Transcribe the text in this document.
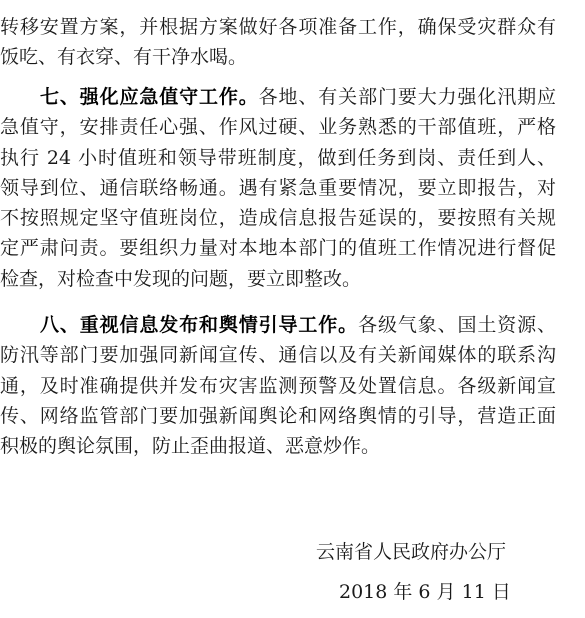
转移安置方案，并根据方案做好各项准备工作，确保受灾群众有
饭吃、有衣穿、有干净水喝。
七、强化应急值守工作。各地、有关部门要大力强化汛期应
急值守，安排责任心强、作风过硬、业务熟悉的干部值班，严格
执行 24 小时值班和领导带班制度，做到任务到岗、责任到人、
领导到位、通信联络畅通。遇有紧急重要情况，要立即报告，对
不按照规定坚守值班岗位，造成信息报告延误的，要按照有关规
定严肃问责。要组织力量对本地本部门的值班工作情况进行督促
检查，对检查中发现的问题，要立即整改。
八、重视信息发布和舆情引导工作。各级气象、国土资源、
防汛等部门要加强同新闻宣传、通信以及有关新闻媒体的联系沟
通，及时准确提供并发布灾害监测预警及处置信息。各级新闻宣
传、网络监管部门要加强新闻舆论和网络舆情的引导，营造正面
积极的舆论氛围，防止歪曲报道、恶意炒作。
云南省人民政府办公厅
2018 年 6 月 11 日
